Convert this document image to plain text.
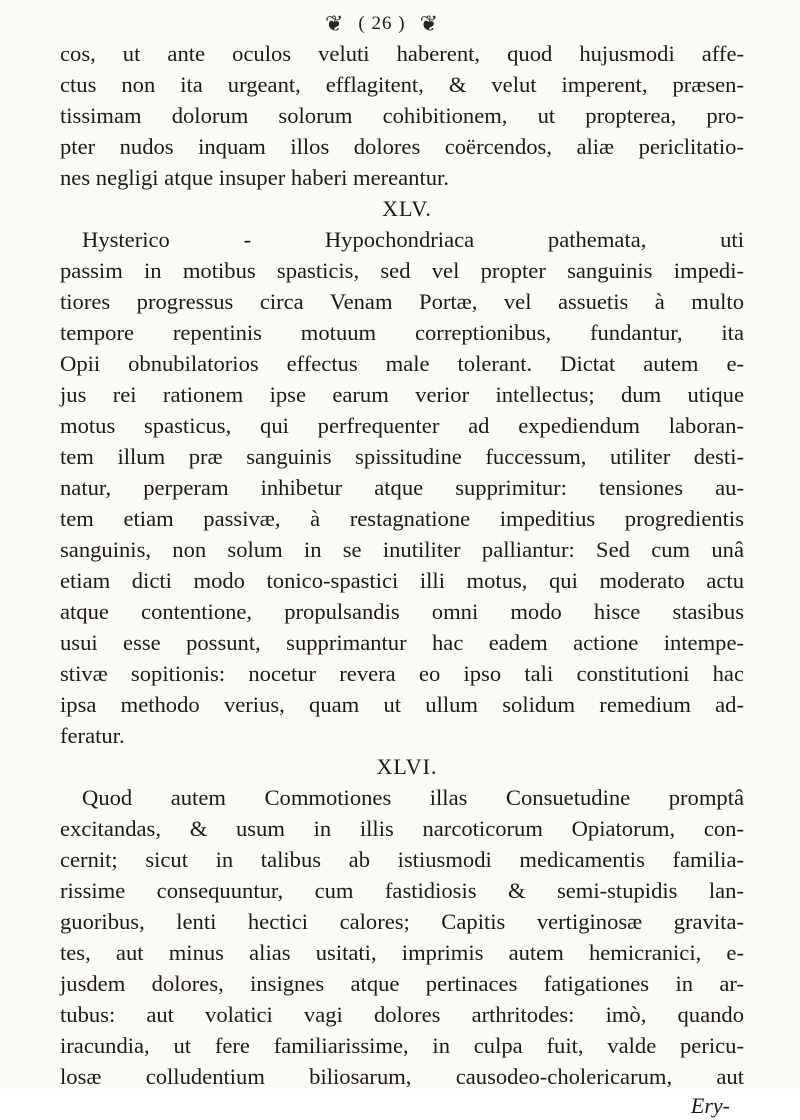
❦ ( 26 ) ❦
cos, ut ante oculos veluti haberent, quod hujusmodi affe-
ctus non ita urgeant, efflagitent, & velut imperent, præsen-
tissimam dolorum solorum cohibitionem, ut propterea, pro-
pter nudos inquam illos dolores coërcendos, aliæ periclitatio-
nes negligi atque insuper haberi mereantur.
XLV.
Hysterico - Hypochondriaca pathemata, uti
passim in motibus spasticis, sed vel propter sanguinis impedi-
tiores progressus circa Venam Portæ, vel assuetis à multo
tempore repentinis motuum correptionibus, fundantur, ita
Opii obnubilatorios effectus male tolerant. Dictat autem e-
jus rei rationem ipse earum verior intellectus; dum utique
motus spasticus, qui perfrequenter ad expediendum laboran-
tem illum præ sanguinis spissitudine fuccessum, utiliter desti-
natur, perperam inhibetur atque supprimitur: tensiones au-
tem etiam passivæ, à restagnatione impeditius progredientis
sanguinis, non solum in se inutiliter palliantur: Sed cum unâ
etiam dicti modo tonico-spastici illi motus, qui moderato actu
atque contentione, propulsandis omni modo hisce stasibus
usui esse possunt, supprimantur hac eadem actione intempe-
stivæ sopitionis: nocetur revera eo ipso tali constitutioni hac
ipsa methodo verius, quam ut ullum solidum remedium ad-
feratur.
XLVI.
Quod autem Commotiones illas Consuetudine promptâ
excitandas, & usum in illis narcoticorum Opiatorum, con-
cernit; sicut in talibus ab istiusmodi medicamentis familia-
rissime consequuntur, cum fastidiosis & semi-stupidis lan-
guoribus, lenti hectici calores; Capitis vertiginosæ gravita-
tes, aut minus alias usitati, imprimis autem hemicranici, e-
jusdem dolores, insignes atque pertinaces fatigationes in ar-
tubus: aut volatici vagi dolores arthritodes: imò, quando
iracundia, ut fere familiarissime, in culpa fuit, valde pericu-
losæ colludentium biliosarum, causodeo-cholericarum, aut
Ery-
